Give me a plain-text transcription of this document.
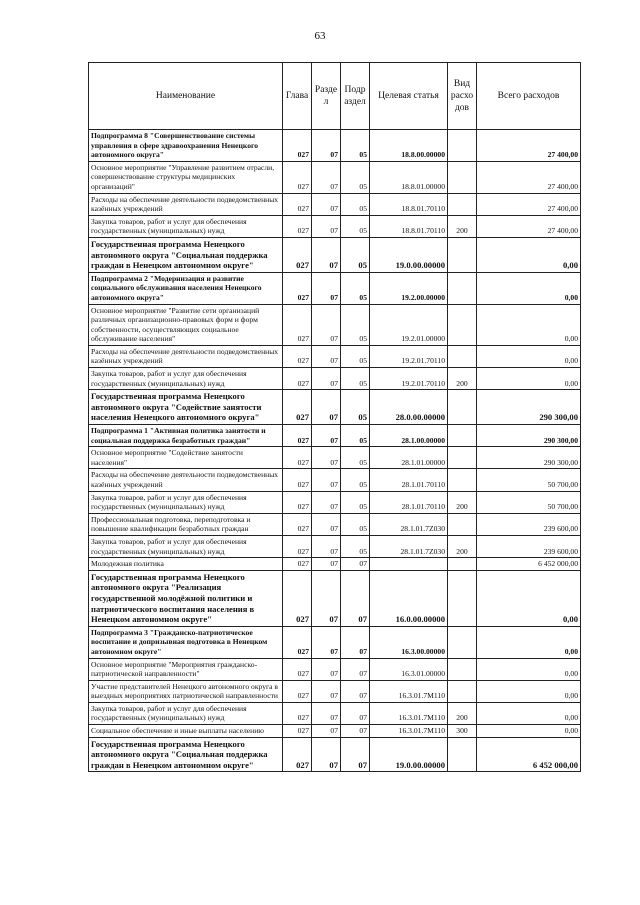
63
Наименование	Глава	Разде л	Подр аздел	Целевая статья	Вид расхо дов	Всего расходов
Подпрограмма 8 "Совершенствование системы управления в сфере здравоохранения Ненецкого автономного округа"	027	07	05	18.8.00.00000		27 400,00
Основное мероприятие "Управление развитием отрасли, совершенствование структуры медицинских организаций"	027	07	05	18.8.01.00000		27 400,00
Расходы на обеспечение деятельности подведомственных казённых учреждений	027	07	05	18.8.01.70110		27 400,00
Закупка товаров, работ и услуг для обеспечения государственных (муниципальных) нужд	027	07	05	18.8.01.70110	200	27 400,00
Государственная программа Ненецкого автономного округа "Социальная поддержка граждан в Ненецком автономном округе"	027	07	05	19.0.00.00000		0,00
Подпрограмма 2 "Модернизация и развитие социального обслуживания населения Ненецкого автономного округа"	027	07	05	19.2.00.00000		0,00
Основное мероприятие "Развитие сети организаций различных организационно-правовых форм и форм собственности, осуществляющих социальное обслуживание населения"	027	07	05	19.2.01.00000		0,00
Расходы на обеспечение деятельности подведомственных казённых учреждений	027	07	05	19.2.01.70110		0,00
Закупка товаров, работ и услуг для обеспечения государственных (муниципальных) нужд	027	07	05	19.2.01.70110	200	0,00
Государственная программа Ненецкого автономного округа "Содействие занятости населения Ненецкого автономного округа"	027	07	05	28.0.00.00000		290 300,00
Подпрограмма 1 "Активная политика занятости и социальная поддержка безработных граждан"	027	07	05	28.1.00.00000		290 300,00
Основное мероприятие "Содействие занятости населения"	027	07	05	28.1.01.00000		290 300,00
Расходы на обеспечение деятельности подведомственных казённых учреждений	027	07	05	28.1.01.70110		50 700,00
Закупка товаров, работ и услуг для обеспечения государственных (муниципальных) нужд	027	07	05	28.1.01.70110	200	50 700,00
Профессиональная подготовка, переподготовка и повышение квалификации безработных граждан	027	07	05	28.1.01.7Z030		239 600,00
Закупка товаров, работ и услуг для обеспечения государственных (муниципальных) нужд	027	07	05	28.1.01.7Z030	200	239 600,00
Молодежная политика	027	07	07			6 452 000,00
Государственная программа Ненецкого автономного округа "Реализация государственной молодёжной политики и патриотического воспитания населения в Ненецком автономном округе"	027	07	07	16.0.00.00000		0,00
Подпрограмма 3 "Гражданско-патриотическое воспитание и допризывная подготовка в Ненецком автономном округе"	027	07	07	16.3.00.00000		0,00
Основное мероприятие "Мероприятия гражданско-патриотической направленности"	027	07	07	16.3.01.00000		0,00
Участие представителей Ненецкого автономного округа в выездных мероприятиях патриотической направленности	027	07	07	16.3.01.7М110		0,00
Закупка товаров, работ и услуг для обеспечения государственных (муниципальных) нужд	027	07	07	16.3.01.7М110	200	0,00
Социальное обеспечение и иные выплаты населению	027	07	07	16.3.01.7М110	300	0,00
Государственная программа Ненецкого автономного округа "Социальная поддержка граждан в Ненецком автономном округе"	027	07	07	19.0.00.00000		6 452 000,00
